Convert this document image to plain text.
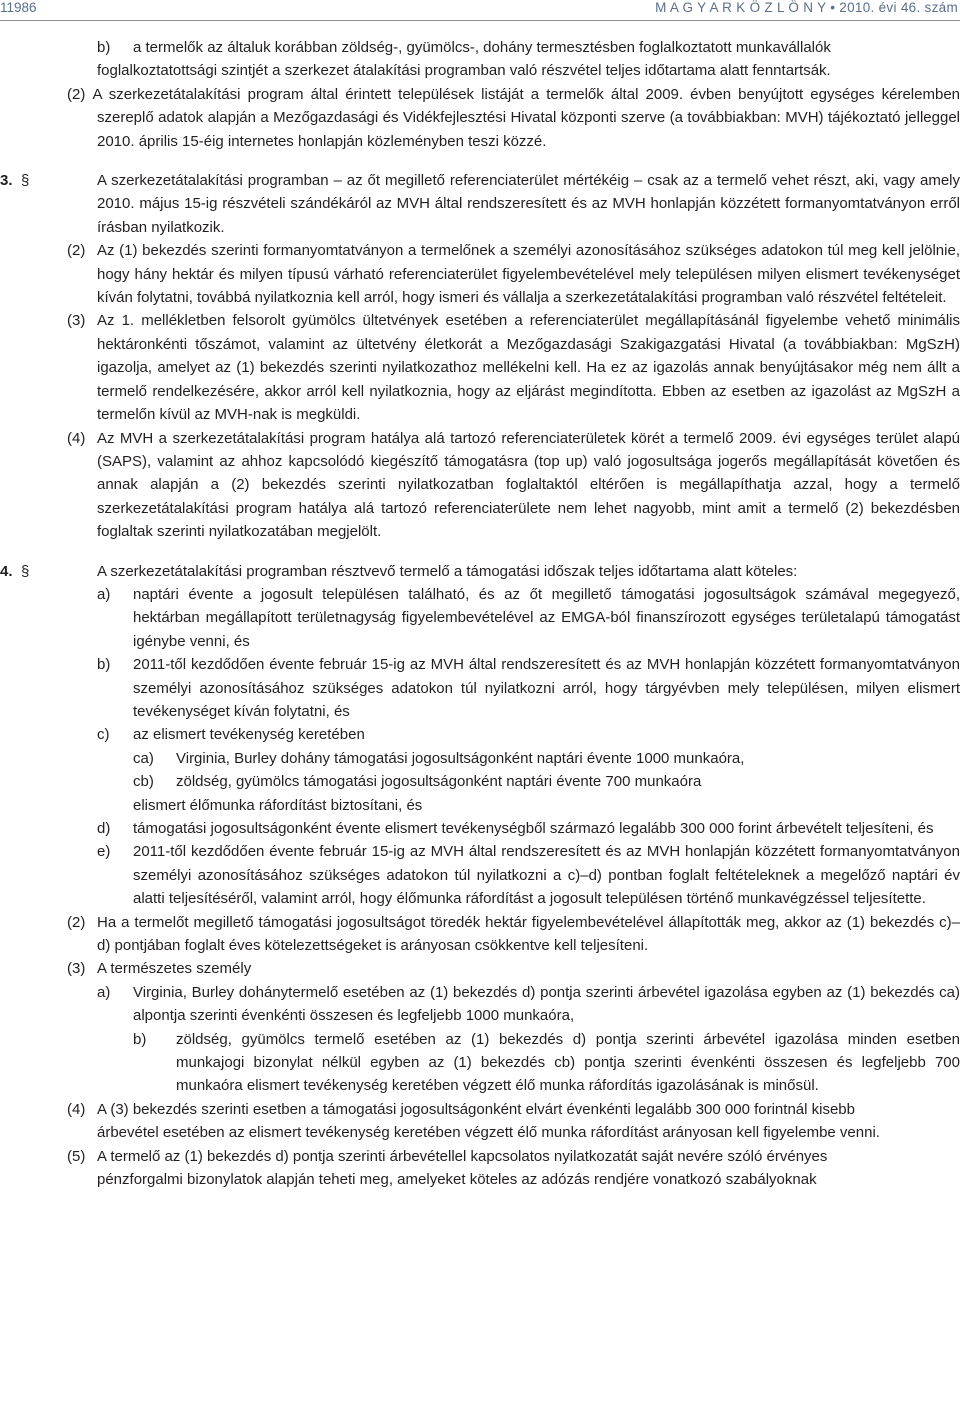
11986	M A G Y A R K Ö Z L Ö N Y • 2010. évi 46. szám
b) a termelők az általuk korábban zöldség-, gyümölcs-, dohány termesztésben foglalkoztatott munkavállalók
foglalkoztatottsági szintjét a szerkezet átalakítási programban való részvétel teljes időtartama alatt fenntartsák.
(2) A szerkezetátalakítási program által érintett települések listáját a termelők által 2009. évben benyújtott egységes kérelemben szereplő adatok alapján a Mezőgazdasági és Vidékfejlesztési Hivatal központi szerve (a továbbiakban: MVH) tájékoztató jelleggel 2010. április 15-éig internetes honlapján közleményben teszi közzé.
3. §	A szerkezetátalakítási programban – az őt megillető referenciaterület mértékéig – csak az a termelő vehet részt, aki, vagy amely 2010. május 15-ig részvételi szándékáról az MVH által rendszeresített és az MVH honlapján közzétett formanyomtatványon erről írásban nyilatkozik.
(2) Az (1) bekezdés szerinti formanyomtatványon a termelőnek a személyi azonosításához szükséges adatokon túl meg kell jelölnie, hogy hány hektár és milyen típusú várható referenciaterület figyelembevételével mely településen milyen elismert tevékenységet kíván folytatni, továbbá nyilatkoznia kell arról, hogy ismeri és vállalja a szerkezetátalakítási programban való részvétel feltételeit.
(3) Az 1. mellékletben felsorolt gyümölcs ültetvények esetében a referenciaterület megállapításánál figyelembe vehető minimális hektáronkénti tőszámot, valamint az ültetvény életkorát a Mezőgazdasági Szakigazgatási Hivatal (a továbbiakban: MgSzH) igazolja, amelyet az (1) bekezdés szerinti nyilatkozathoz mellékelni kell. Ha ez az igazolás annak benyújtásakor még nem állt a termelő rendelkezésére, akkor arról kell nyilatkoznia, hogy az eljárást megindította. Ebben az esetben az igazolást az MgSzH a termelőn kívül az MVH-nak is megküldi.
(4) Az MVH a szerkezetátalakítási program hatálya alá tartozó referenciaterületek körét a termelő 2009. évi egységes terület alapú (SAPS), valamint az ahhoz kapcsolódó kiegészítő támogatásra (top up) való jogosultsága jogerős megállapítását követően és annak alapján a (2) bekezdés szerinti nyilatkozatban foglaltaktól eltérően is megállapíthatja azzal, hogy a termelő szerkezetátalakítási program hatálya alá tartozó referenciaterülete nem lehet nagyobb, mint amit a termelő (2) bekezdésben foglaltak szerinti nyilatkozatában megjelölt.
4. §	A szerkezetátalakítási programban résztvevő termelő a támogatási időszak teljes időtartama alatt köteles:
a) naptári évente a jogosult településen található, és az őt megillető támogatási jogosultságok számával megegyező, hektárban megállapított területnagyság figyelembevételével az EMGA-ból finanszírozott egységes területalapú támogatást igénybe venni, és
b) 2011-től kezdődően évente február 15-ig az MVH által rendszeresített és az MVH honlapján közzétett formanyomtatványon személyi azonosításához szükséges adatokon túl nyilatkozni arról, hogy tárgyévben mely településen, milyen elismert tevékenységet kíván folytatni, és
c) az elismert tevékenység keretében
ca) Virginia, Burley dohány támogatási jogosultságonként naptári évente 1000 munkaóra,
cb) zöldség, gyümölcs támogatási jogosultságonként naptári évente 700 munkaóra
elismert élőmunka ráfordítást biztosítani, és
d) támogatási jogosultságonként évente elismert tevékenységből származó legalább 300 000 forint árbevételt teljesíteni, és
e) 2011-től kezdődően évente február 15-ig az MVH által rendszeresített és az MVH honlapján közzétett formanyomtatványon személyi azonosításához szükséges adatokon túl nyilatkozni a c)–d) pontban foglalt feltételeknek a megelőző naptári év alatti teljesítéséről, valamint arról, hogy élőmunka ráfordítást a jogosult településen történő munkavégzéssel teljesítette.
(2) Ha a termelőt megillető támogatási jogosultságot töredék hektár figyelembevételével állapították meg, akkor az (1) bekezdés c)–d) pontjában foglalt éves kötelezettségeket is arányosan csökkentve kell teljesíteni.
(3) A természetes személy
a) Virginia, Burley dohánytermelő esetében az (1) bekezdés d) pontja szerinti árbevétel igazolása egyben az (1) bekezdés ca) alpontja szerinti évenkénti összesen és legfeljebb 1000 munkaóra,
b) zöldség, gyümölcs termelő esetében az (1) bekezdés d) pontja szerinti árbevétel igazolása minden esetben munkajogi bizonylat nélkül egyben az (1) bekezdés cb) pontja szerinti évenkénti összesen és legfeljebb 700 munkaóra elismert tevékenység keretében végzett élő munka ráfordítás igazolásának is minősül.
(4) A (3) bekezdés szerinti esetben a támogatási jogosultságonként elvárt évenkénti legalább 300 000 forintnál kisebb
árbevétel esetében az elismert tevékenység keretében végzett élő munka ráfordítást arányosan kell figyelembe venni.
(5) A termelő az (1) bekezdés d) pontja szerinti árbevétellel kapcsolatos nyilatkozatát saját nevére szóló érvényes
pénzforgalmi bizonylatok alapján teheti meg, amelyeket köteles az adózás rendjére vonatkozó szabályoknak
